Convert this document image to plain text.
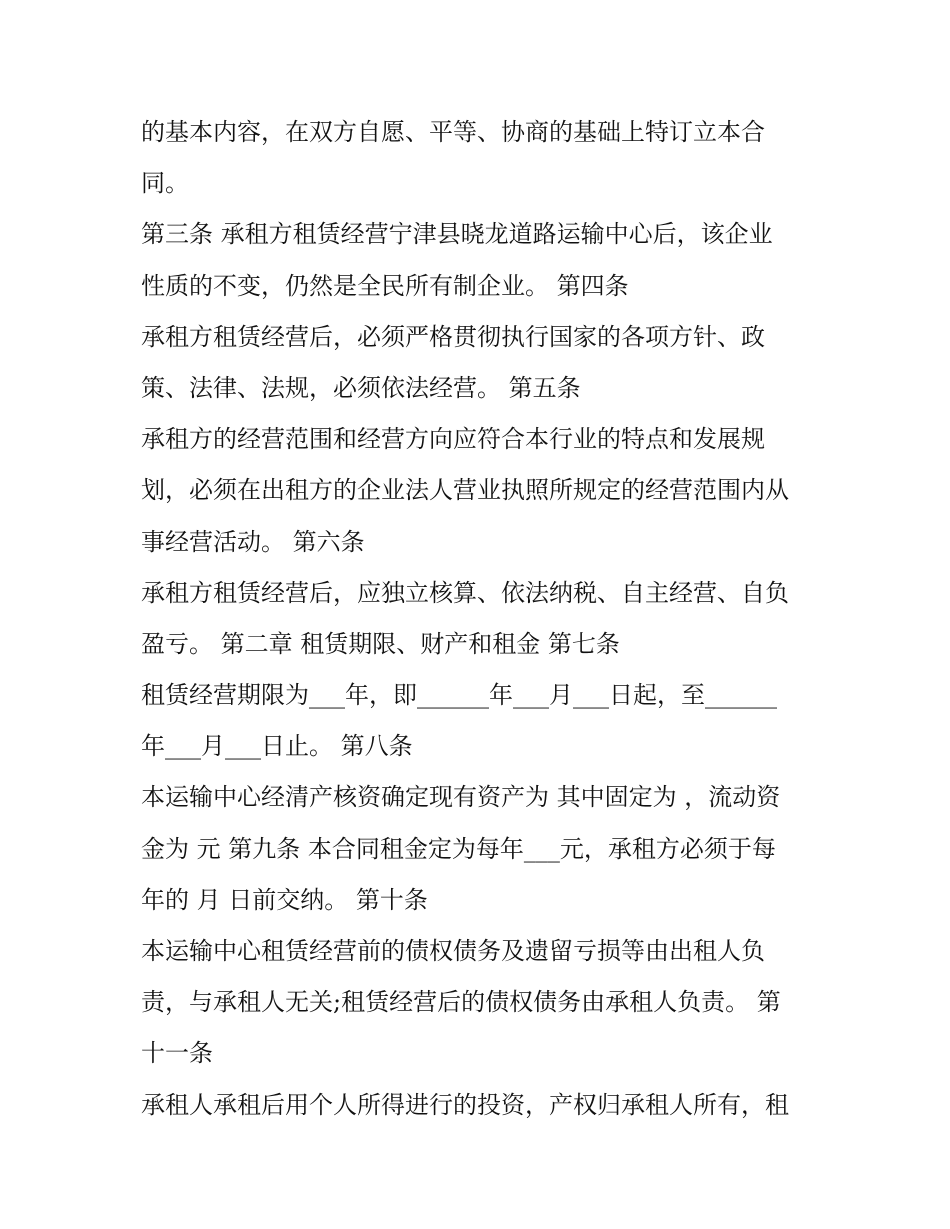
的基本内容，在双方自愿、平等、协商的基础上特订立本合
同。
第三条 承租方租赁经营宁津县晓龙道路运输中心后，该企业
性质的不变，仍然是全民所有制企业。 第四条
承租方租赁经营后，必须严格贯彻执行国家的各项方针、政
策、法律、法规，必须依法经营。 第五条
承租方的经营范围和经营方向应符合本行业的特点和发展规
划，必须在出租方的企业法人营业执照所规定的经营范围内从
事经营活动。 第六条
承租方租赁经营后，应独立核算、依法纳税、自主经营、自负
盈亏。 第二章 租赁期限、财产和租金 第七条
租赁经营期限为___年，即______年___月___日起，至______
年___月___日止。 第八条
本运输中心经清产核资确定现有资产为 其中固定为 ，流动资
金为 元 第九条 本合同租金定为每年___元，承租方必须于每
年的 月 日前交纳。 第十条
本运输中心租赁经营前的债权债务及遗留亏损等由出租人负
责，与承租人无关;租赁经营后的债权债务由承租人负责。 第
十一条
承租人承租后用个人所得进行的投资，产权归承租人所有，租
